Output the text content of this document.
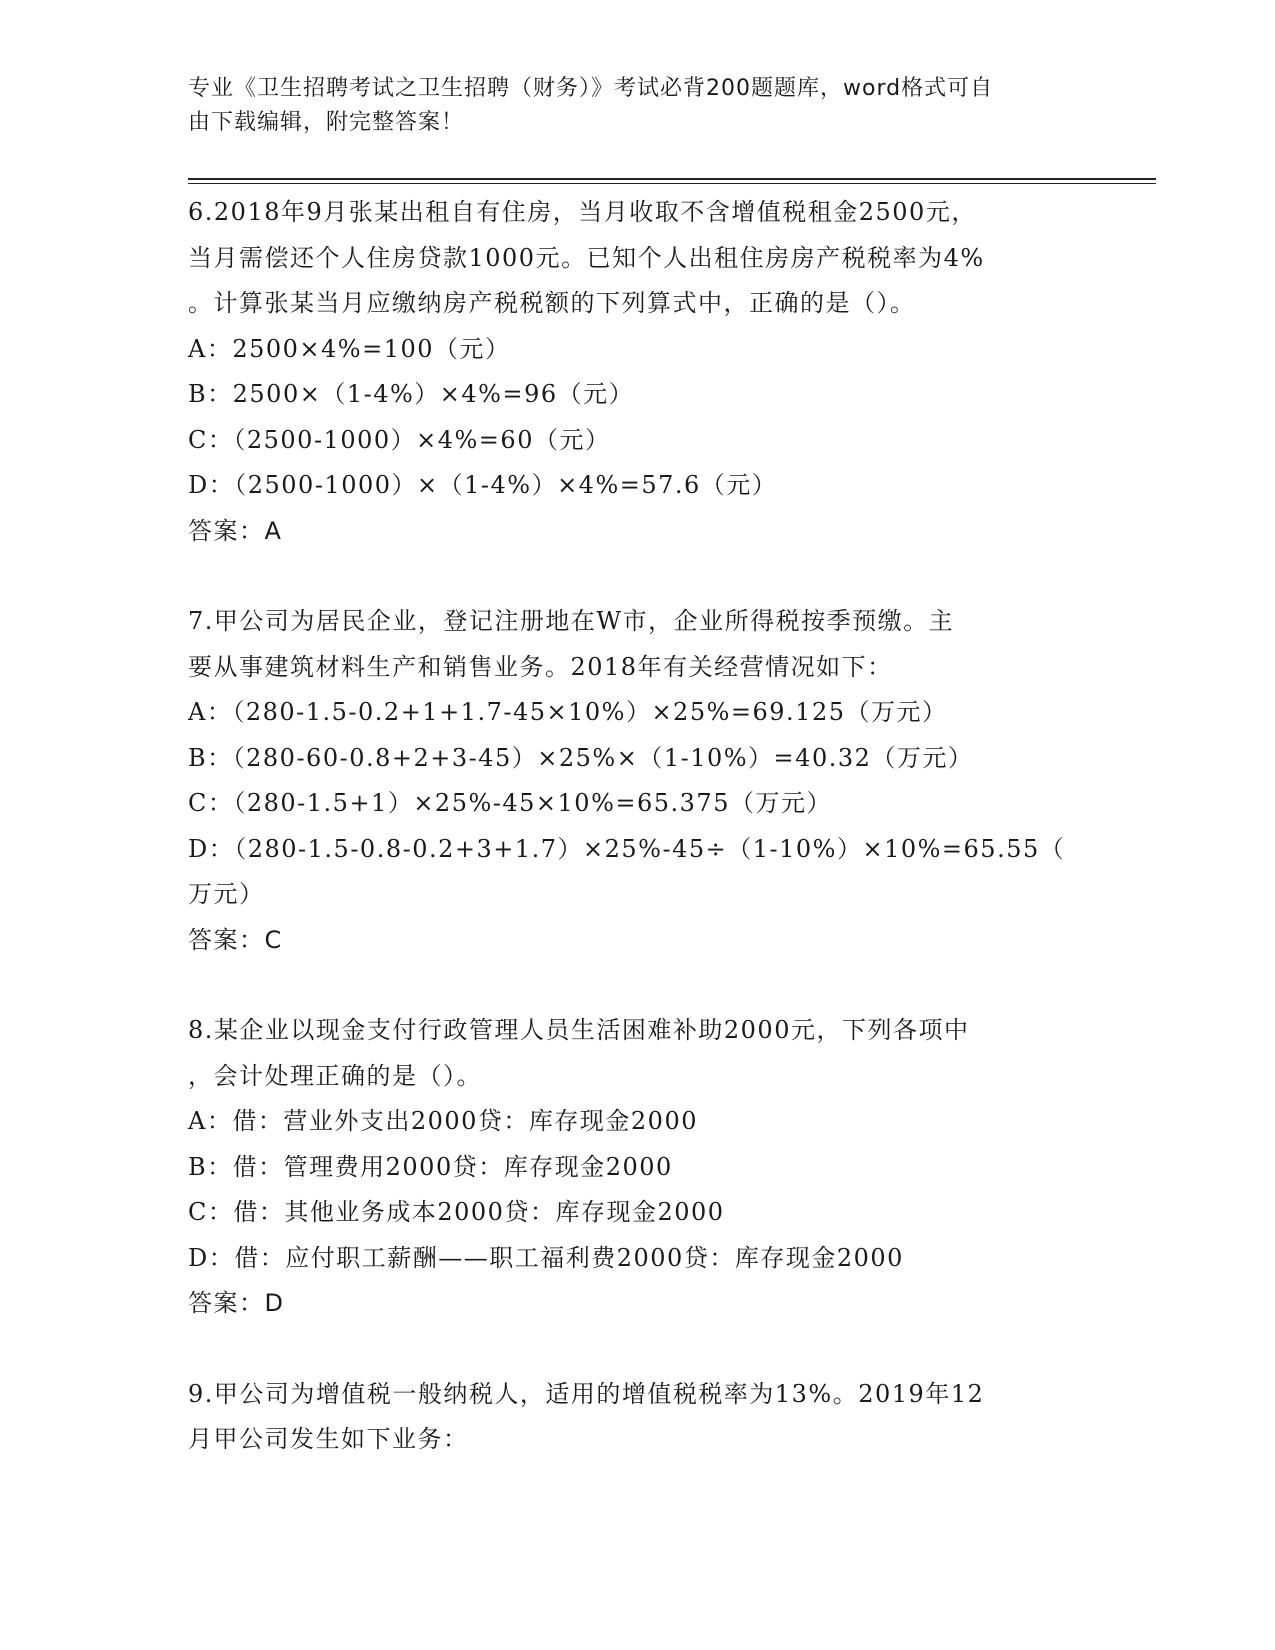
专业《卫生招聘考试之卫生招聘（财务）》考试必背200题题库，word格式可自
由下载编辑，附完整答案！
6.2018年9月张某出租自有住房，当月收取不含增值税租金2500元，
当月需偿还个人住房贷款1000元。已知个人出租住房房产税税率为4%
。计算张某当月应缴纳房产税税额的下列算式中，正确的是（）。
A：2500×4%=100（元）
B：2500×（1-4%）×4%=96（元）
C：（2500-1000）×4%=60（元）
D：（2500-1000）×（1-4%）×4%=57.6（元）
答案：A
7.甲公司为居民企业，登记注册地在W市，企业所得税按季预缴。主
要从事建筑材料生产和销售业务。2018年有关经营情况如下：
A：（280-1.5-0.2+1+1.7-45×10%）×25%=69.125（万元）
B：（280-60-0.8+2+3-45）×25%×（1-10%）=40.32（万元）
C：（280-1.5+1）×25%-45×10%=65.375（万元）
D：（280-1.5-0.8-0.2+3+1.7）×25%-45÷（1-10%）×10%=65.55（
万元）
答案：C
8.某企业以现金支付行政管理人员生活困难补助2000元，下列各项中
，会计处理正确的是（）。
A：借：营业外支出2000贷：库存现金2000
B：借：管理费用2000贷：库存现金2000
C：借：其他业务成本2000贷：库存现金2000
D：借：应付职工薪酬——职工福利费2000贷：库存现金2000
答案：D
9.甲公司为增值税一般纳税人，适用的增值税税率为13%。2019年12
月甲公司发生如下业务：
